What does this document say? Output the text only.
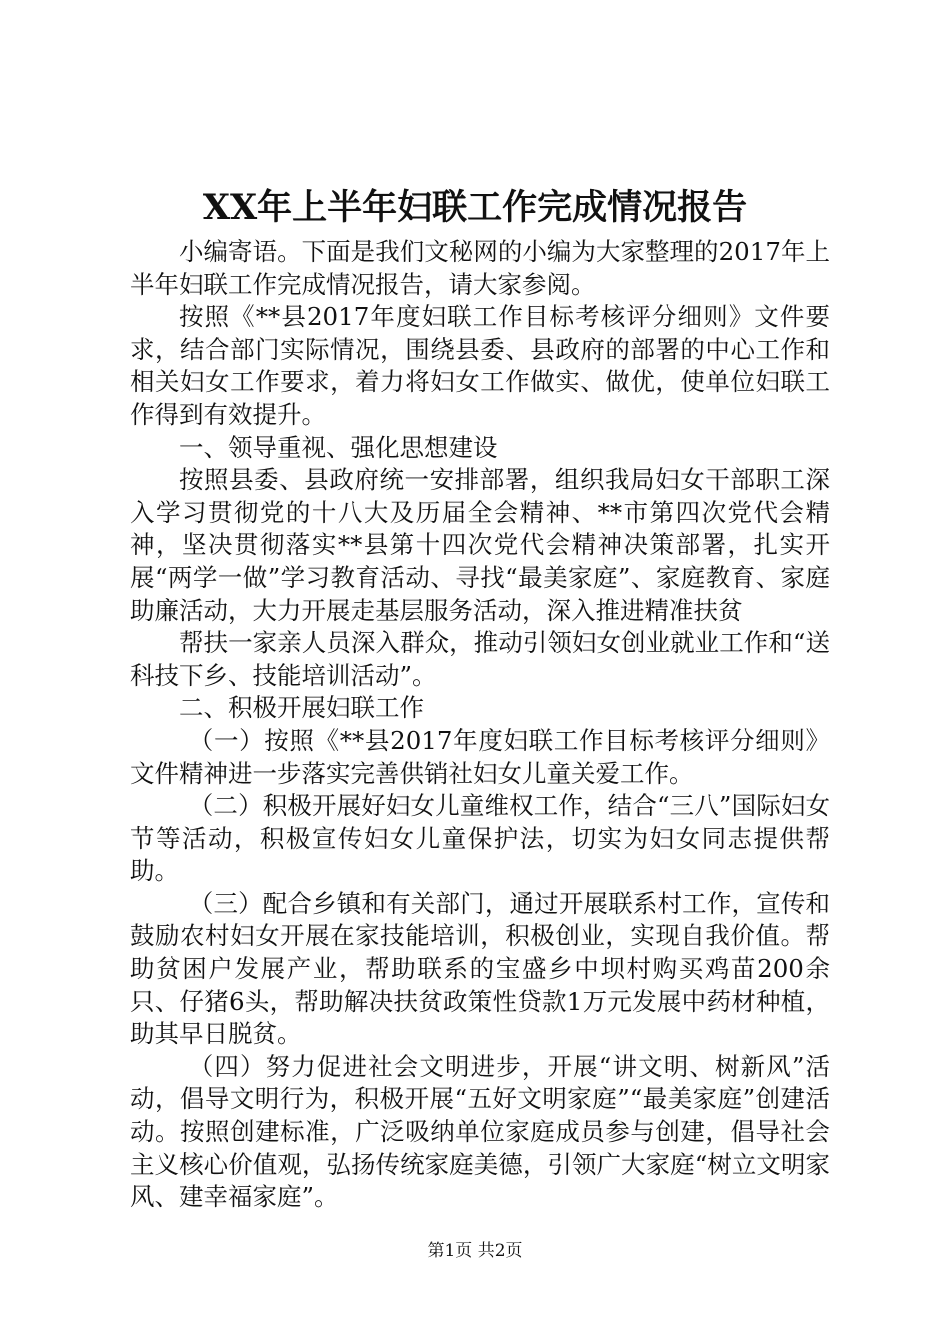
XX年上半年妇联工作完成情况报告

小编寄语。下面是我们文秘网的小编为大家整理的2017年上半年妇联工作完成情况报告，请大家参阅。

按照《**县2017年度妇联工作目标考核评分细则》文件要求，结合部门实际情况，围绕县委、县政府的部署的中心工作和相关妇女工作要求，着力将妇女工作做实、做优，使单位妇联工作得到有效提升。

一、领导重视、强化思想建设

按照县委、县政府统一安排部署，组织我局妇女干部职工深入学习贯彻党的十八大及历届全会精神、**市第四次党代会精神，坚决贯彻落实**县第十四次党代会精神决策部署，扎实开展“两学一做”学习教育活动、寻找“最美家庭”、家庭教育、家庭助廉活动，大力开展走基层服务活动，深入推进精准扶贫

帮扶一家亲人员深入群众，推动引领妇女创业就业工作和“送科技下乡、技能培训活动”。

二、积极开展妇联工作

（一）按照《**县2017年度妇联工作目标考核评分细则》文件精神进一步落实完善供销社妇女儿童关爱工作。

（二）积极开展好妇女儿童维权工作，结合“三八”国际妇女节等活动，积极宣传妇女儿童保护法，切实为妇女同志提供帮助。

（三）配合乡镇和有关部门，通过开展联系村工作，宣传和鼓励农村妇女开展在家技能培训，积极创业，实现自我价值。帮助贫困户发展产业，帮助联系的宝盛乡中坝村购买鸡苗200余只、仔猪6头，帮助解决扶贫政策性贷款1万元发展中药材种植，助其早日脱贫。

（四）努力促进社会文明进步，开展“讲文明、树新风”活动，倡导文明行为，积极开展“五好文明家庭”“最美家庭”创建活动。按照创建标准，广泛吸纳单位家庭成员参与创建，倡导社会主义核心价值观，弘扬传统家庭美德，引领广大家庭“树立文明家风、建幸福家庭”。

第1页 共2页
